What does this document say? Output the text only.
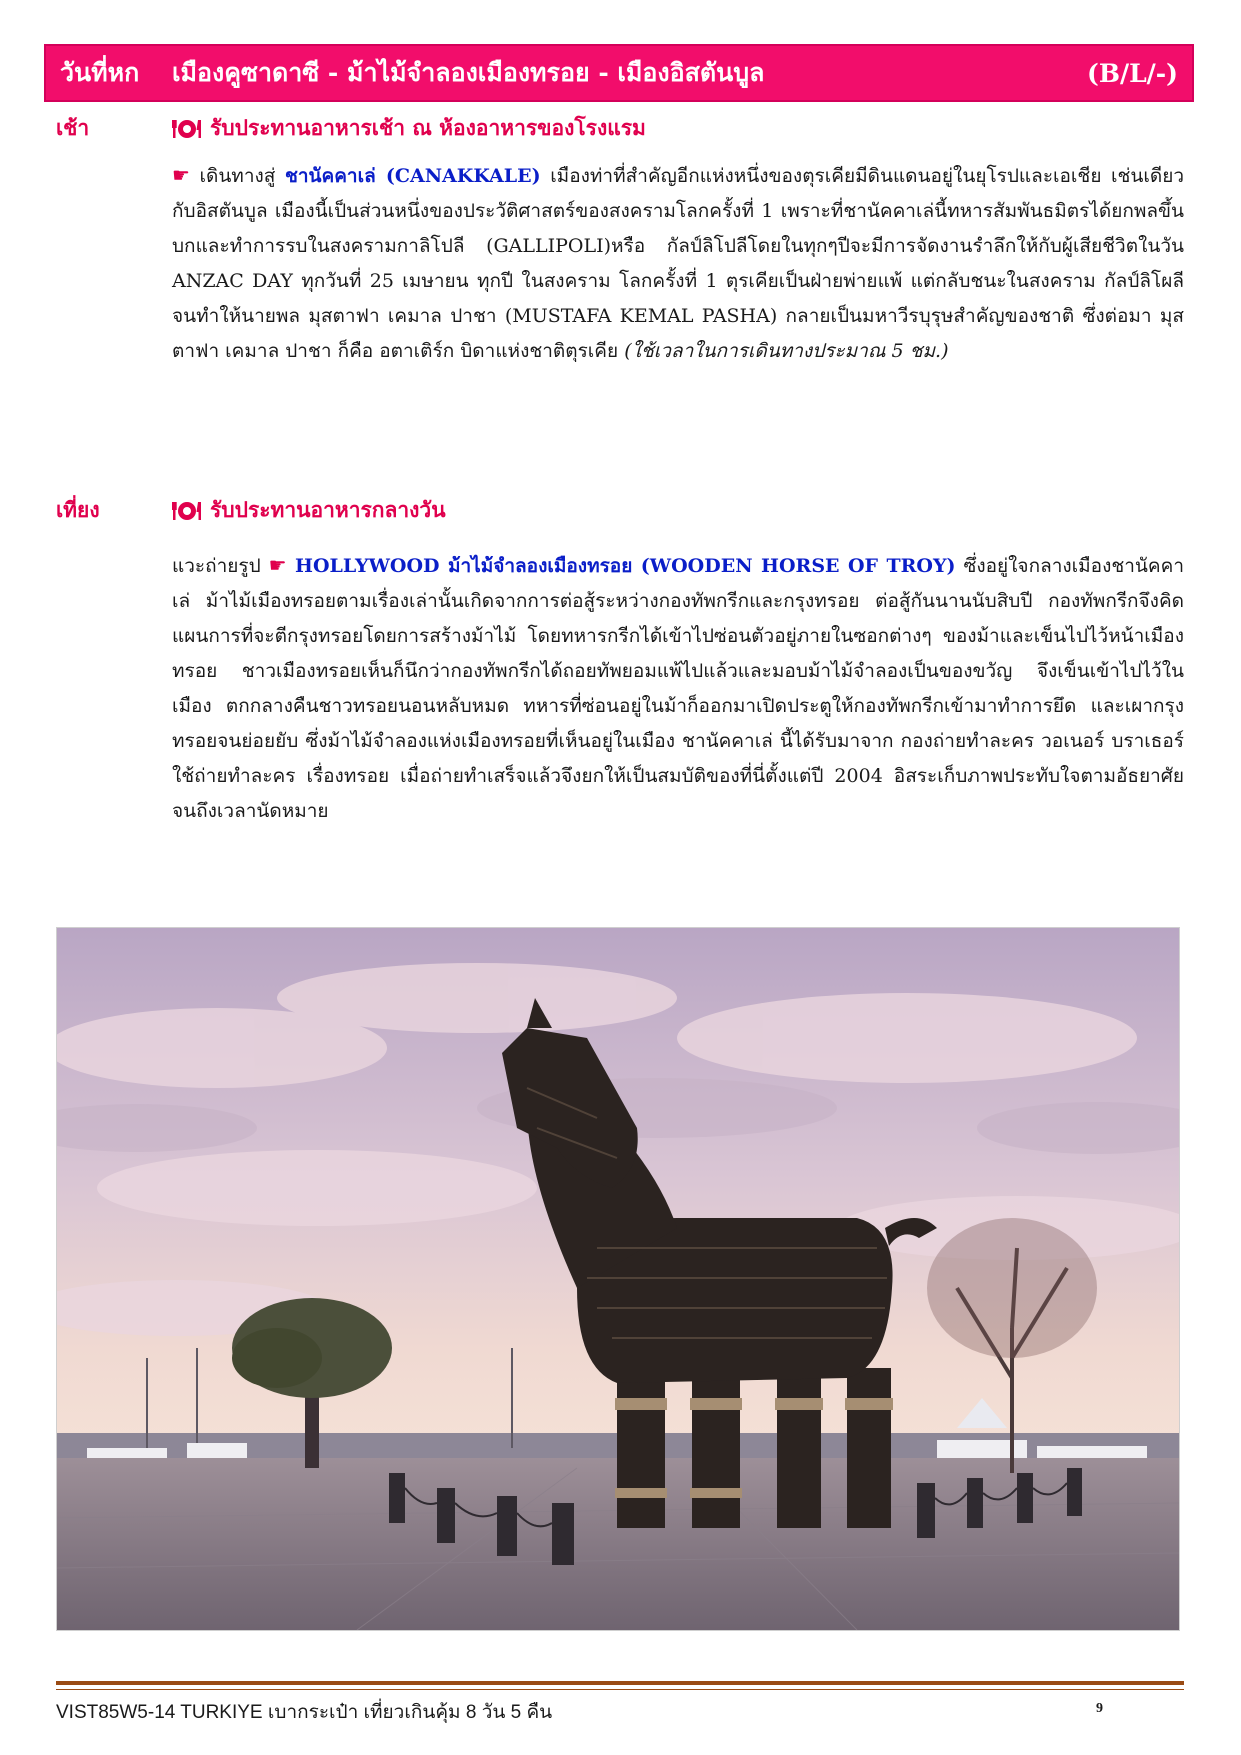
วันที่หก เมืองคูซาดาซี - ม้าไม้จำลองเมืองทรอย - เมืองอิสตันบูล	(B/L/-)
เช้า	รับประทานอาหารเช้า ณ ห้องอาหารของโรงแรม
☛ เดินทางสู่ ชานัคคาเล่ (CANAKKALE) เมืองท่าที่สำคัญอีกแห่งหนึ่งของตุรเคียมีดินแดนอยู่ในยุโรปและเอเชีย เช่นเดียวกับอิสตันบูล เมืองนี้เป็นส่วนหนึ่งของประวัติศาสตร์ของสงครามโลกครั้งที่ 1 เพราะที่ชานัคคาเล่นี้ทหารสัมพันธมิตรได้ยกพลขึ้นบกและทำการรบในสงครามกาลิโปลี (GALLIPOLI)หรือ กัลป์ลิโปลีโดยในทุกๆปีจะมีการจัดงานรำลึกให้กับผู้เสียชีวิตในวัน ANZAC DAY ทุกวันที่ 25 เมษายน ทุกปี ในสงคราม โลกครั้งที่ 1 ตุรเคียเป็นฝ่ายพ่ายแพ้ แต่กลับชนะในสงคราม กัลป์ลิโผลี จนทำให้นายพล มุสตาฟา เคมาล ปาชา (MUSTAFA KEMAL PASHA) กลายเป็นมหาวีรบุรุษสำคัญของชาติ ซึ่งต่อมา มุสตาฟา เคมาล ปาชา ก็คือ อตาเติร์ก บิดาแห่งชาติตุรเคีย (ใช้เวลาในการเดินทางประมาณ 5 ชม.)
เที่ยง	รับประทานอาหารกลางวัน
แวะถ่ายรูป ☛ HOLLYWOOD ม้าไม้จำลองเมืองทรอย (WOODEN HORSE OF TROY) ซึ่งอยู่ใจกลางเมืองชานัคคาเล่ ม้าไม้เมืองทรอยตามเรื่องเล่านั้นเกิดจากการต่อสู้ระหว่างกองทัพกรีกและกรุงทรอย ต่อสู้กันนานนับสิบปี กองทัพกรีกจึงคิดแผนการที่จะตีกรุงทรอยโดยการสร้างม้าไม้ โดยทหารกรีกได้เข้าไปซ่อนตัวอยู่ภายในซอกต่างๆ ของม้าและเข็นไปไว้หน้าเมืองทรอย ชาวเมืองทรอยเห็นก็นึกว่ากองทัพกรีกได้ถอยทัพยอมแพ้ไปแล้วและมอบม้าไม้จำลองเป็นของขวัญ จึงเข็นเข้าไปไว้ในเมือง ตกกลางคืนชาวทรอยนอนหลับหมด ทหารที่ซ่อนอยู่ในม้าก็ออกมาเปิดประตูให้กองทัพกรีกเข้ามาทำการยึด และเผากรุงทรอยจนย่อยยับ ซึ่งม้าไม้จำลองแห่งเมืองทรอยที่เห็นอยู่ในเมือง ชานัคคาเล่ นี้ได้รับมาจาก กองถ่ายทำละคร วอเนอร์ บราเธอร์ ใช้ถ่ายทำละคร เรื่องทรอย เมื่อถ่ายทำเสร็จแล้วจึงยกให้เป็นสมบัติของที่นี่ตั้งแต่ปี 2004 อิสระเก็บภาพประทับใจตามอัธยาศัย จนถึงเวลานัดหมาย
VIST85W5-14 TURKIYE เบากระเป๋า เที่ยวเกินคุ้ม 8 วัน 5 คืน	9
